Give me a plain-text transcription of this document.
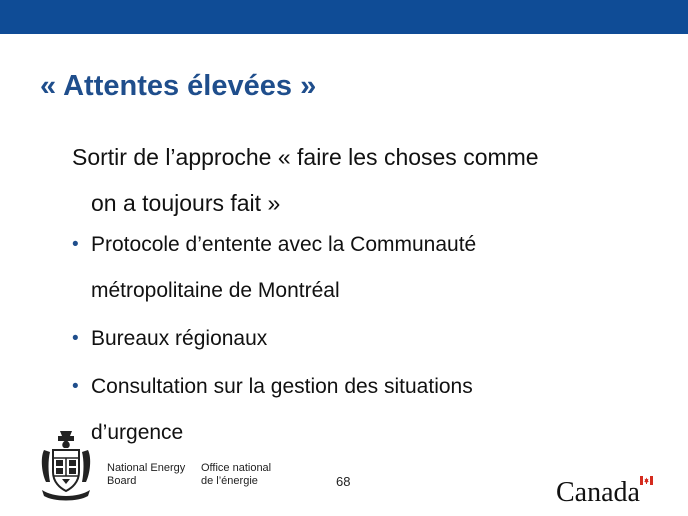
« Attentes élevées »
Sortir de l’approche « faire les choses comme
on a toujours fait »
• Protocole d’entente avec la Communauté
métropolitaine de Montréal
• Bureaux régionaux
• Consultation sur la gestion des situations
d’urgence
National Energy
Board
Office national
de l’énergie	68	Canada
